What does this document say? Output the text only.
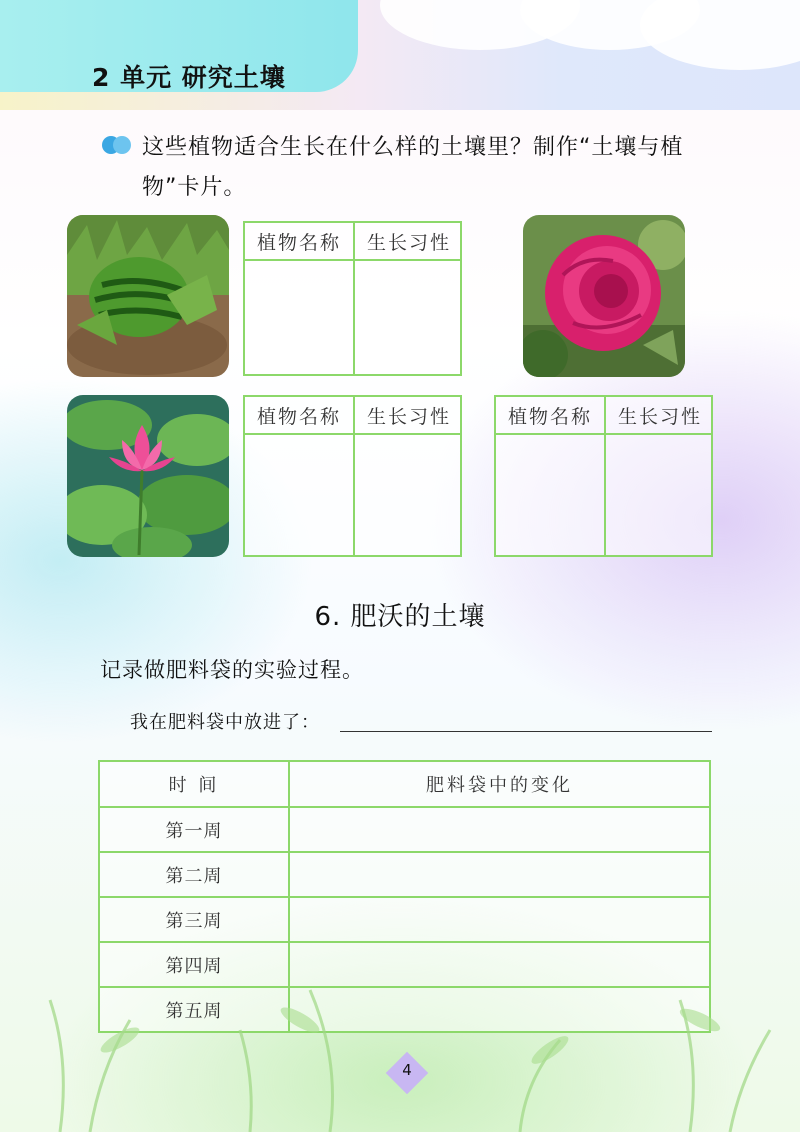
2 单元 研究土壤
这些植物适合生长在什么样的土壤里？制作“土壤与植物”卡片。
植物名称	生长习性
植物名称	生长习性	植物名称	生长习性
6. 肥沃的土壤
记录做肥料袋的实验过程。
我在肥料袋中放进了：
时 间	肥料袋中的变化
第一周	
第二周	
第三周	
第四周	
第五周	
4
